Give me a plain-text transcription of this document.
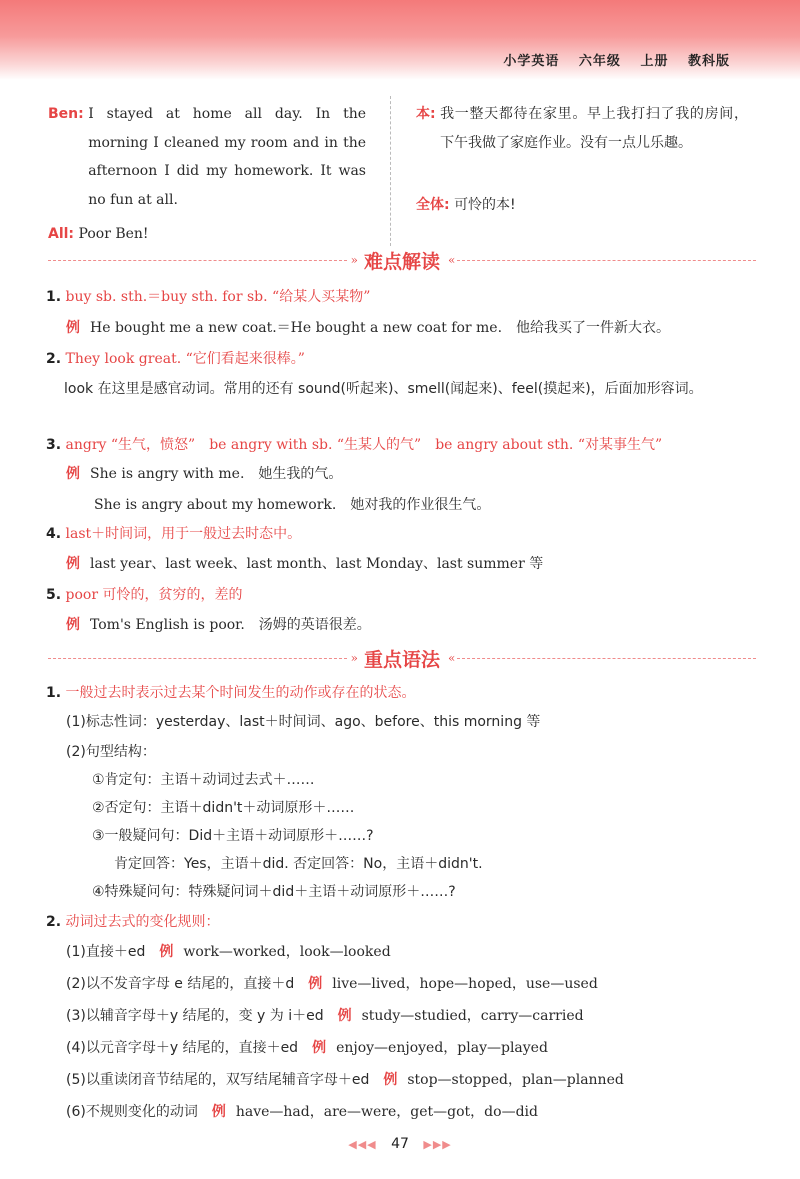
小学英语 六年级 上册 教科版
Ben:
I stayed at home all day. In the morning I cleaned my room and in the afternoon I did my homework. It was no fun at all.
All:
Poor Ben!
本:
我一整天都待在家里。早上我打扫了我的房间，下午我做了家庭作业。没有一点儿乐趣。
全体:
可怜的本!
» 难点解读 «
1. buy sb. sth.＝buy sth. for sb. “给某人买某物”
例 He bought me a new coat.＝He bought a new coat for me.　他给我买了一件新大衣。
2. They look great. “它们看起来很棒。”
look 在这里是感官动词。常用的还有 sound(听起来)、smell(闻起来)、feel(摸起来)，后面加形容词。
3. angry “生气，愤怒”　be angry with sb. “生某人的气”　be angry about sth. “对某事生气”
例 She is angry with me.　她生我的气。
She is angry about my homework.　她对我的作业很生气。
4. last＋时间词，用于一般过去时态中。
例 last year、last week、last month、last Monday、last summer 等
5. poor 可怜的，贫穷的，差的
例 Tom's English is poor.　汤姆的英语很差。
» 重点语法 «
1. 一般过去时表示过去某个时间发生的动作或存在的状态。
(1)标志性词：yesterday、last＋时间词、ago、before、this morning 等
(2)句型结构：
①肯定句：主语＋动词过去式＋……
②否定句：主语＋didn't＋动词原形＋……
③一般疑问句：Did＋主语＋动词原形＋……?
肯定回答：Yes，主语＋did. 否定回答：No，主语＋didn't.
④特殊疑问句：特殊疑问词＋did＋主语＋动词原形＋……?
2. 动词过去式的变化规则：
(1)直接＋ed　 例 work—worked，look—looked
(2)以不发音字母 e 结尾的，直接＋d　 例 live—lived，hope—hoped，use—used
(3)以辅音字母＋y 结尾的，变 y 为 i＋ed　 例 study—studied，carry—carried
(4)以元音字母＋y 结尾的，直接＋ed　 例 enjoy—enjoyed，play—played
(5)以重读闭音节结尾的，双写结尾辅音字母＋ed　 例 stop—stopped，plan—planned
(6)不规则变化的动词　 例 have—had，are—were，get—got，do—did
◀◀◀ 47 ▶▶▶
